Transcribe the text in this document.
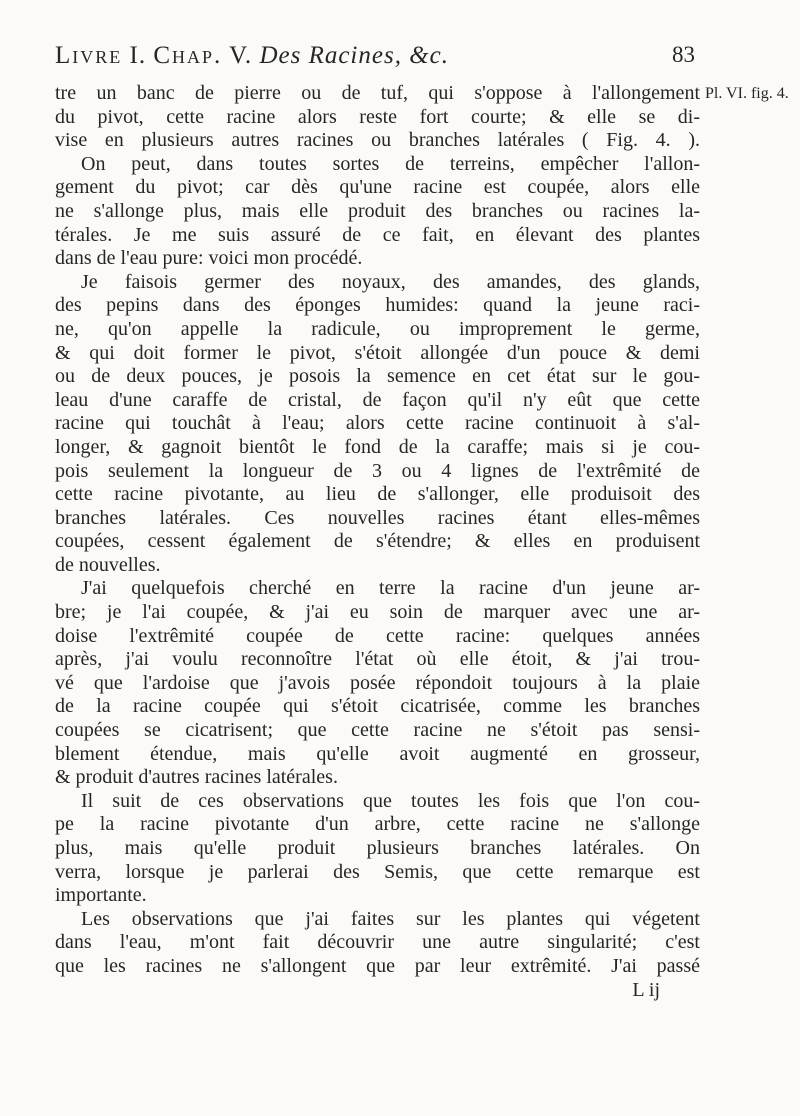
Livre I. Chap. V. Des Racines, &c.	83
Pl. VI. fig. 4.
tre un banc de pierre ou de tuf, qui s'oppose à l'allongement
du pivot, cette racine alors reste fort courte; & elle se di-
vise en plusieurs autres racines ou branches latérales ( Fig. 4. ).
On peut, dans toutes sortes de terreins, empêcher l'allon-
gement du pivot; car dès qu'une racine est coupée, alors elle
ne s'allonge plus, mais elle produit des branches ou racines la-
térales. Je me suis assuré de ce fait, en élevant des plantes
dans de l'eau pure: voici mon procédé.
Je faisois germer des noyaux, des amandes, des glands,
des pepins dans des éponges humides: quand la jeune raci-
ne, qu'on appelle la radicule, ou improprement le germe,
& qui doit former le pivot, s'étoit allongée d'un pouce & demi
ou de deux pouces, je posois la semence en cet état sur le gou-
leau d'une caraffe de cristal, de façon qu'il n'y eût que cette
racine qui touchât à l'eau; alors cette racine continuoit à s'al-
longer, & gagnoit bientôt le fond de la caraffe; mais si je cou-
pois seulement la longueur de 3 ou 4 lignes de l'extrêmité de
cette racine pivotante, au lieu de s'allonger, elle produisoit des
branches latérales. Ces nouvelles racines étant elles-mêmes
coupées, cessent également de s'étendre; & elles en produisent
de nouvelles.
J'ai quelquefois cherché en terre la racine d'un jeune ar-
bre; je l'ai coupée, & j'ai eu soin de marquer avec une ar-
doise l'extrêmité coupée de cette racine: quelques années
après, j'ai voulu reconnoître l'état où elle étoit, & j'ai trou-
vé que l'ardoise que j'avois posée répondoit toujours à la plaie
de la racine coupée qui s'étoit cicatrisée, comme les branches
coupées se cicatrisent; que cette racine ne s'étoit pas sensi-
blement étendue, mais qu'elle avoit augmenté en grosseur,
& produit d'autres racines latérales.
Il suit de ces observations que toutes les fois que l'on cou-
pe la racine pivotante d'un arbre, cette racine ne s'allonge
plus, mais qu'elle produit plusieurs branches latérales. On
verra, lorsque je parlerai des Semis, que cette remarque est
importante.
Les observations que j'ai faites sur les plantes qui végetent
dans l'eau, m'ont fait découvrir une autre singularité; c'est
que les racines ne s'allongent que par leur extrêmité. J'ai passé
L ij
